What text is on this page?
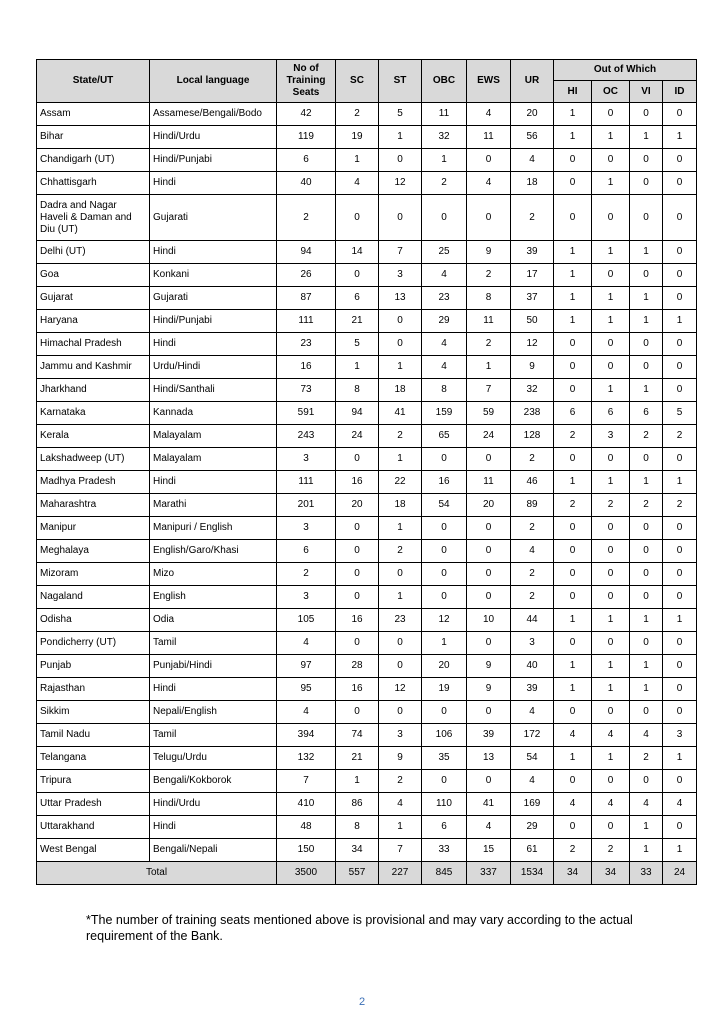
State/UT	Local language	No of Training Seats	SC	ST	OBC	EWS	UR	Out of Which			
								HI	OC	VI	ID
Assam	Assamese/Bengali/Bodo	42	2	5	11	4	20	1	0	0	0
Bihar	Hindi/Urdu	119	19	1	32	11	56	1	1	1	1
Chandigarh (UT)	Hindi/Punjabi	6	1	0	1	0	4	0	0	0	0
Chhattisgarh	Hindi	40	4	12	2	4	18	0	1	0	0
Dadra and Nagar Haveli & Daman and Diu (UT)	Gujarati	2	0	0	0	0	2	0	0	0	0
Delhi (UT)	Hindi	94	14	7	25	9	39	1	1	1	0
Goa	Konkani	26	0	3	4	2	17	1	0	0	0
Gujarat	Gujarati	87	6	13	23	8	37	1	1	1	0
Haryana	Hindi/Punjabi	111	21	0	29	11	50	1	1	1	1
Himachal Pradesh	Hindi	23	5	0	4	2	12	0	0	0	0
Jammu and Kashmir	Urdu/Hindi	16	1	1	4	1	9	0	0	0	0
Jharkhand	Hindi/Santhali	73	8	18	8	7	32	0	1	1	0
Karnataka	Kannada	591	94	41	159	59	238	6	6	6	5
Kerala	Malayalam	243	24	2	65	24	128	2	3	2	2
Lakshadweep (UT)	Malayalam	3	0	1	0	0	2	0	0	0	0
Madhya Pradesh	Hindi	111	16	22	16	11	46	1	1	1	1
Maharashtra	Marathi	201	20	18	54	20	89	2	2	2	2
Manipur	Manipuri / English	3	0	1	0	0	2	0	0	0	0
Meghalaya	English/Garo/Khasi	6	0	2	0	0	4	0	0	0	0
Mizoram	Mizo	2	0	0	0	0	2	0	0	0	0
Nagaland	English	3	0	1	0	0	2	0	0	0	0
Odisha	Odia	105	16	23	12	10	44	1	1	1	1
Pondicherry (UT)	Tamil	4	0	0	1	0	3	0	0	0	0
Punjab	Punjabi/Hindi	97	28	0	20	9	40	1	1	1	0
Rajasthan	Hindi	95	16	12	19	9	39	1	1	1	0
Sikkim	Nepali/English	4	0	0	0	0	4	0	0	0	0
Tamil Nadu	Tamil	394	74	3	106	39	172	4	4	4	3
Telangana	Telugu/Urdu	132	21	9	35	13	54	1	1	2	1
Tripura	Bengali/Kokborok	7	1	2	0	0	4	0	0	0	0
Uttar Pradesh	Hindi/Urdu	410	86	4	110	41	169	4	4	4	4
Uttarakhand	Hindi	48	8	1	6	4	29	0	0	1	0
West Bengal	Bengali/Nepali	150	34	7	33	15	61	2	2	1	1
Total		3500	557	227	845	337	1534	34	34	33	24
*The number of training seats mentioned above is provisional and may vary according to the actual requirement of the Bank.
2
